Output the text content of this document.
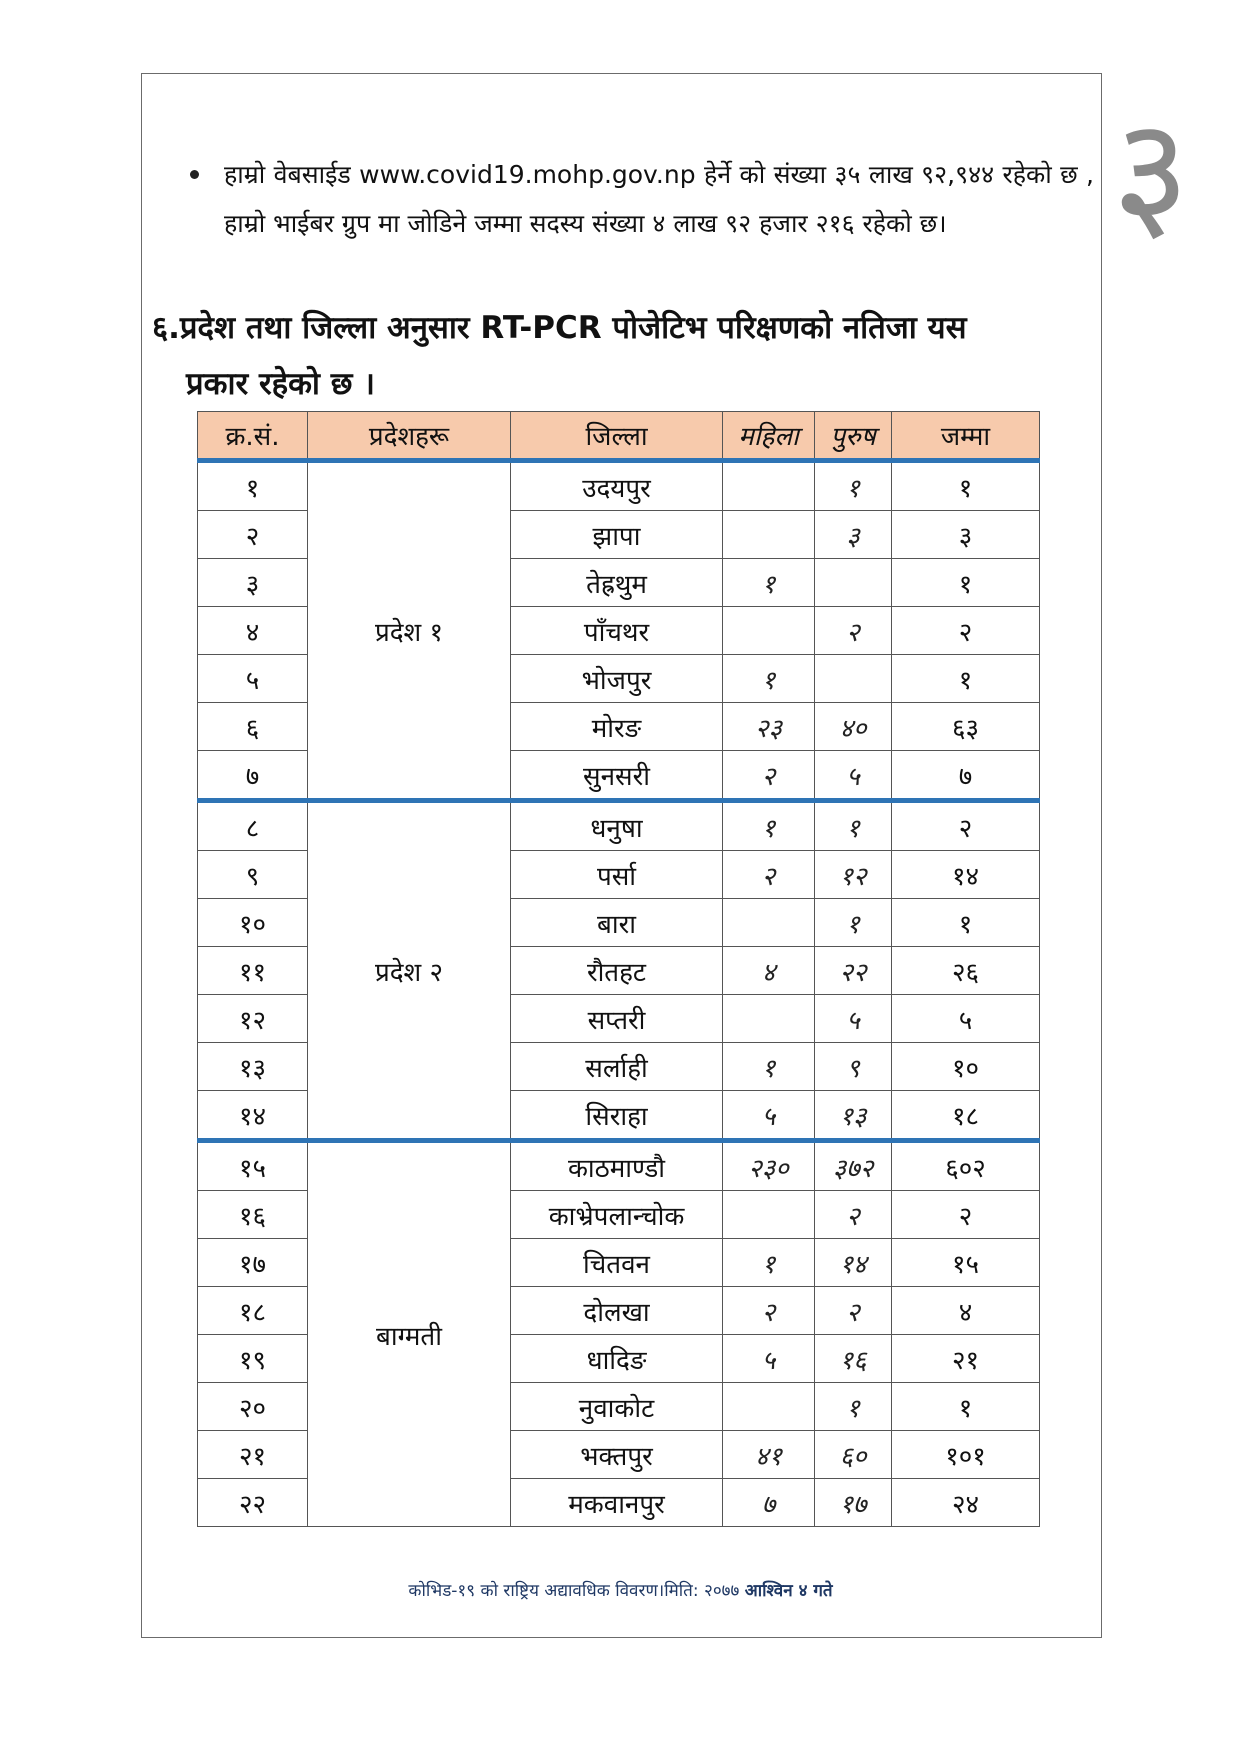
३
हाम्रो वेबसाईड www.covid19.mohp.gov.np हेर्ने को संख्या ३५ लाख ९२,९४४ रहेको छ , हाम्रो भाईबर ग्रुप मा जोडिने जम्मा सदस्य संख्या ४ लाख ९२ हजार २१६ रहेको छ।
६.प्रदेश तथा जिल्ला अनुसार RT-PCR पोजेटिभ परिक्षणको नतिजा यस
प्रकार रहेको छ ।
क्र.सं.	प्रदेशहरू	जिल्ला	महिला	पुरुष	जम्मा
१	प्रदेश १	उदयपुर		१	१
२		झापा		३	३
३		तेह्रथुम	१		१
४		पाँचथर		२	२
५		भोजपुर	१		१
६		मोरङ	२३	४०	६३
७		सुनसरी	२	५	७
८	प्रदेश २	धनुषा	१	१	२
९		पर्सा	२	१२	१४
१०		बारा		१	१
११		रौतहट	४	२२	२६
१२		सप्तरी		५	५
१३		सर्लाही	१	९	१०
१४		सिराहा	५	१३	१८
१५	बाग्मती	काठमाण्डौ	२३०	३७२	६०२
१६		काभ्रेपलान्चोक		२	२
१७		चितवन	१	१४	१५
१८		दोलखा	२	२	४
१९		धादिङ	५	१६	२१
२०		नुवाकोट		१	१
२१		भक्तपुर	४१	६०	१०१
२२		मकवानपुर	७	१७	२४
कोभिड-१९ को राष्ट्रिय अद्यावधिक विवरण।मिति: २०७७ आश्विन ४ गते
